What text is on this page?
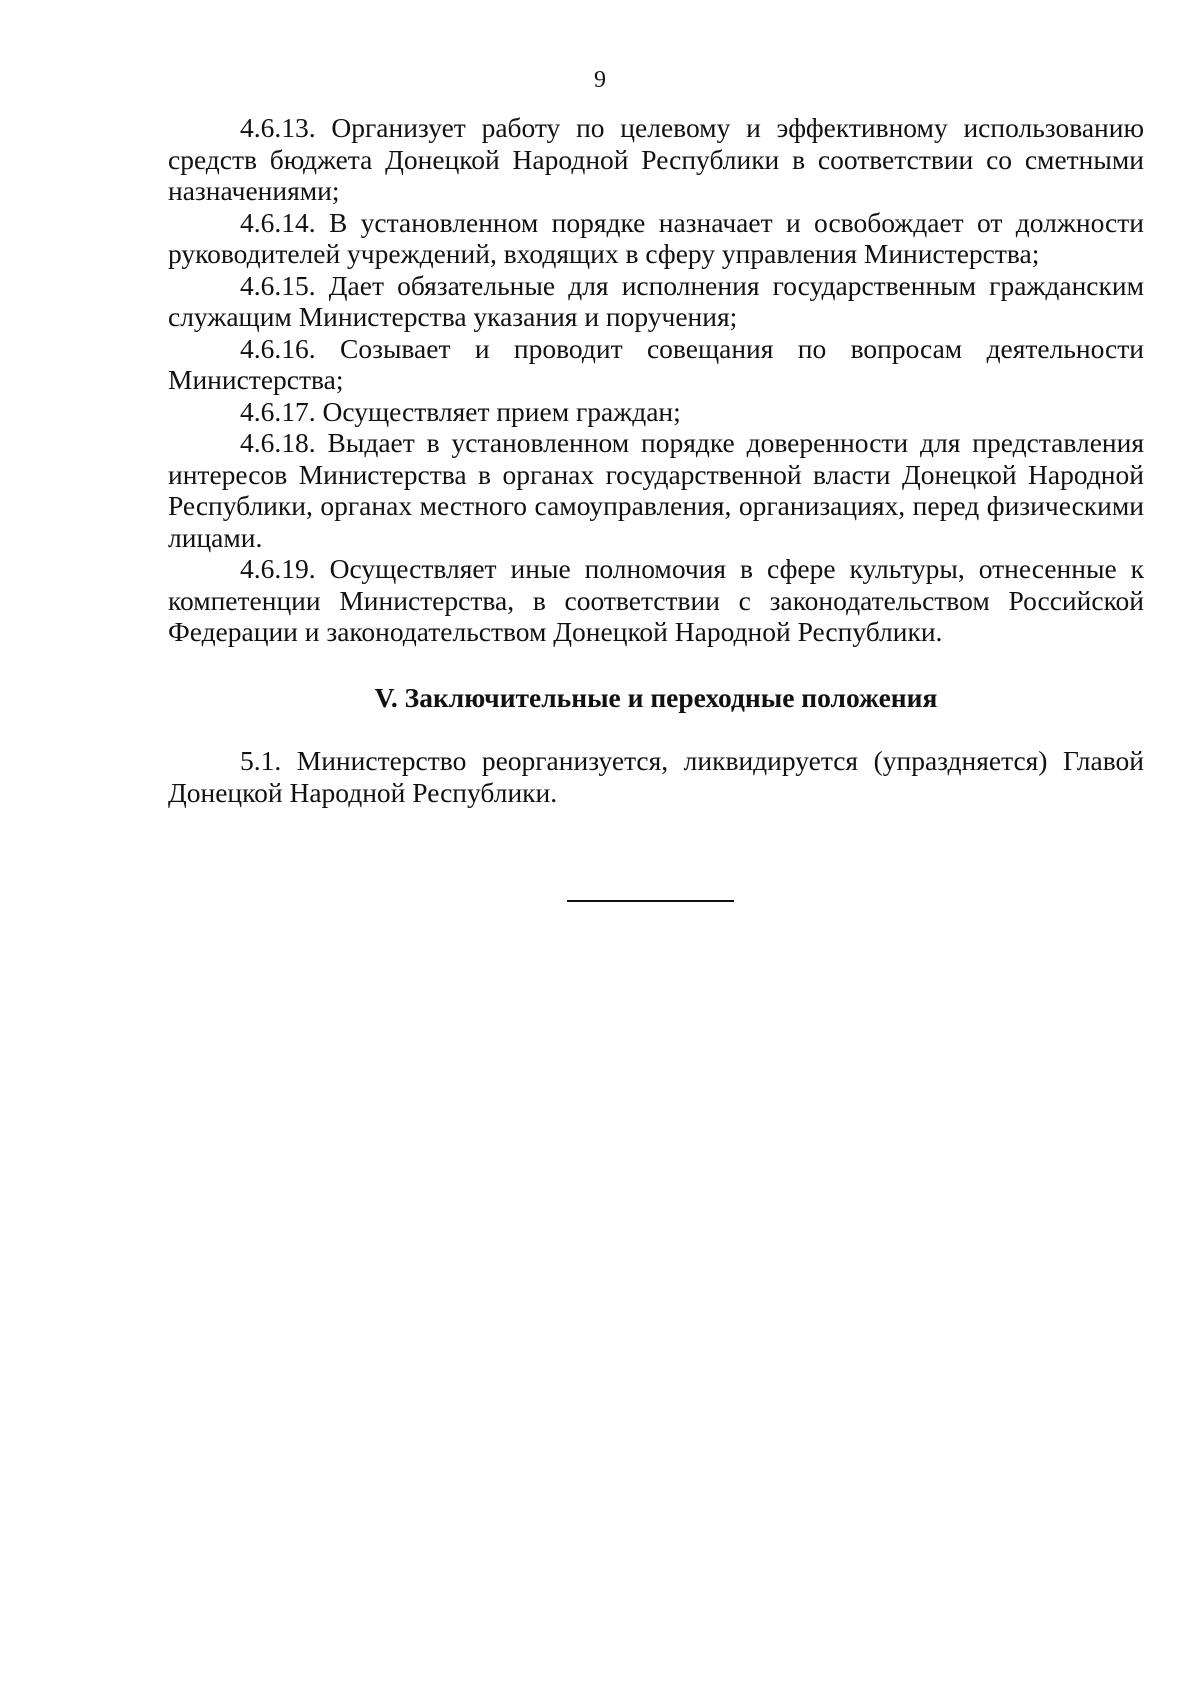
9

4.6.13. Организует работу по целевому и эффективному использованию средств бюджета Донецкой Народной Республики в соответствии со сметными назначениями;

4.6.14. В установленном порядке назначает и освобождает от должности руководителей учреждений, входящих в сферу управления Министерства;

4.6.15. Дает обязательные для исполнения государственным гражданским служащим Министерства указания и поручения;

4.6.16. Созывает и проводит совещания по вопросам деятельности Министерства;

4.6.17. Осуществляет прием граждан;

4.6.18. Выдает в установленном порядке доверенности для представления интересов Министерства в органах государственной власти Донецкой Народной Республики, органах местного самоуправления, организациях, перед физическими лицами.

4.6.19. Осуществляет иные полномочия в сфере культуры, отнесенные к компетенции Министерства, в соответствии с законодательством Российской Федерации и законодательством Донецкой Народной Республики.

V. Заключительные и переходные положения

5.1. Министерство реорганизуется, ликвидируется (упраздняется) Главой Донецкой Народной Республики.
